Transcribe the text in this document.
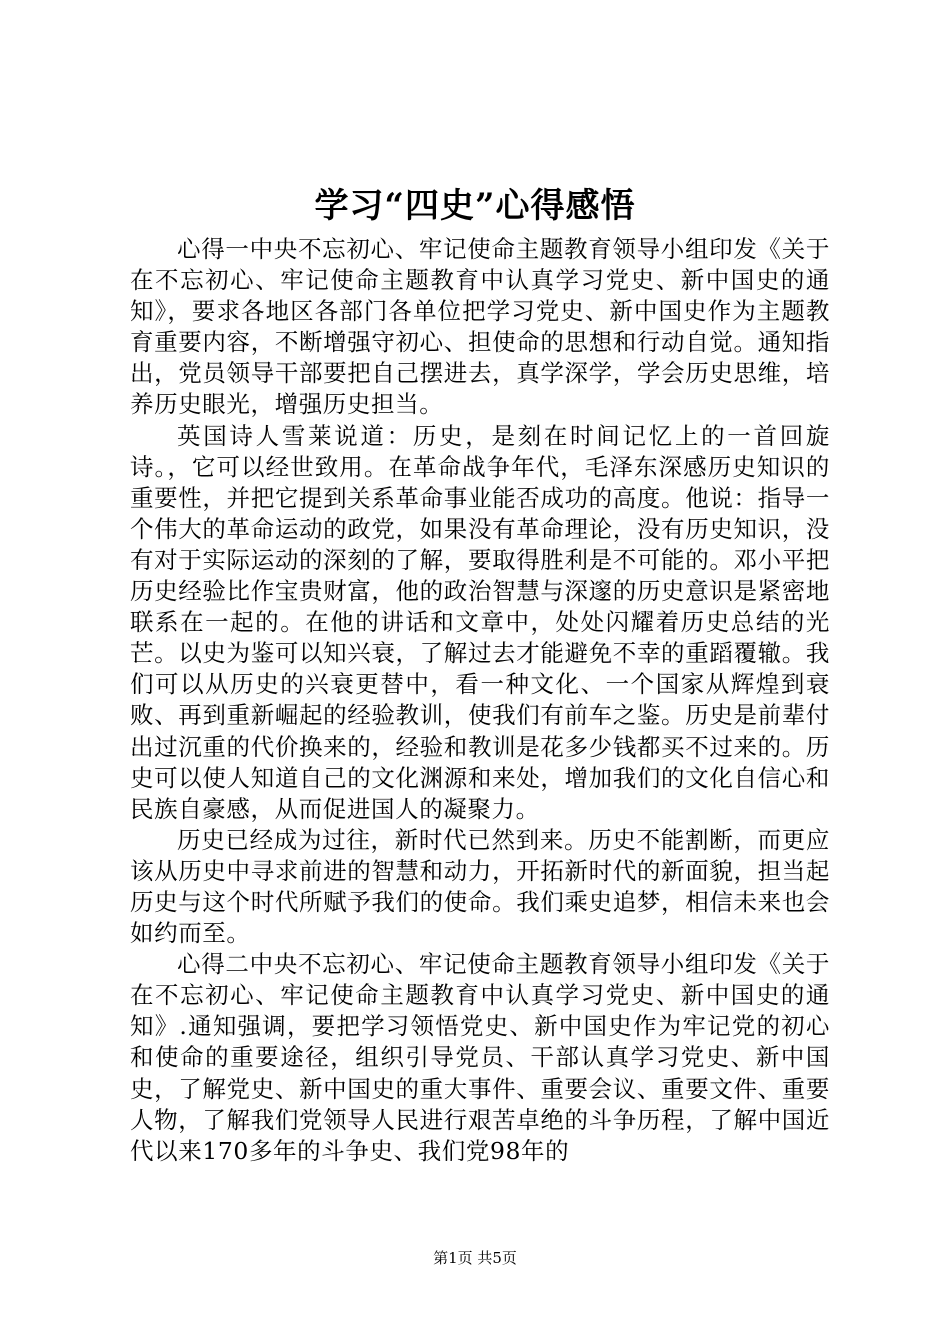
学习“四史”心得感悟

心得一中央不忘初心、牢记使命主题教育领导小组印发《关于在不忘初心、牢记使命主题教育中认真学习党史、新中国史的通知》，要求各地区各部门各单位把学习党史、新中国史作为主题教育重要内容，不断增强守初心、担使命的思想和行动自觉。通知指出，党员领导干部要把自己摆进去，真学深学，学会历史思维，培养历史眼光，增强历史担当。

英国诗人雪莱说道：历史，是刻在时间记忆上的一首回旋诗。，它可以经世致用。在革命战争年代，毛泽东深感历史知识的重要性，并把它提到关系革命事业能否成功的高度。他说：指导一个伟大的革命运动的政党，如果没有革命理论，没有历史知识，没有对于实际运动的深刻的了解，要取得胜利是不可能的。邓小平把历史经验比作宝贵财富，他的政治智慧与深邃的历史意识是紧密地联系在一起的。在他的讲话和文章中，处处闪耀着历史总结的光芒。以史为鉴可以知兴衰，了解过去才能避免不幸的重蹈覆辙。我们可以从历史的兴衰更替中，看一种文化、一个国家从辉煌到衰败、再到重新崛起的经验教训，使我们有前车之鉴。历史是前辈付出过沉重的代价换来的，经验和教训是花多少钱都买不过来的。历史可以使人知道自己的文化渊源和来处，增加我们的文化自信心和民族自豪感，从而促进国人的凝聚力。

历史已经成为过往，新时代已然到来。历史不能割断，而更应该从历史中寻求前进的智慧和动力，开拓新时代的新面貌，担当起历史与这个时代所赋予我们的使命。我们乘史追梦，相信未来也会如约而至。

心得二中央不忘初心、牢记使命主题教育领导小组印发《关于在不忘初心、牢记使命主题教育中认真学习党史、新中国史的通知》.通知强调，要把学习领悟党史、新中国史作为牢记党的初心和使命的重要途径，组织引导党员、干部认真学习党史、新中国史，了解党史、新中国史的重大事件、重要会议、重要文件、重要人物，了解我们党领导人民进行艰苦卓绝的斗争历程，了解中国近代以来170多年的斗争史、我们党98年的

第1页 共5页
